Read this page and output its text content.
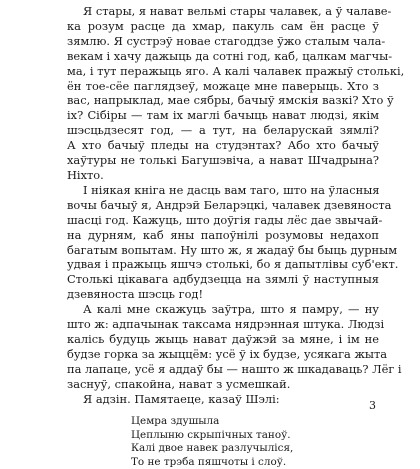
Я стары, я нават вельмі стары чалавек, а ў чалаве-
ка розум расце да хмар, пакуль сам ён расце ў
зямлю. Я сустрэў новае стагоддзе ўжо сталым чала-
векам і хачу дажыць да сотні год, каб, цалкам магчы-
ма, і тут перажыць яго. А калі чалавек пражыў столькі,
ён тое-сёе паглядзеў, можаце мне паверыць. Хто з
вас, напрыклад, мае сябры, бачыў ямскія вазкі? Хто ў
іх? Сібіры — там іх маглі бачыць нават людзі, якім
шэсцьдзесят год, — а тут, на беларускай зямлі?
А хто бачыў пледы на студэнтах? Або хто бачыў
хаўтуры не толькі Багушэвіча, а нават Шчадрына?
Ніхто.

І ніякая кніга не дасць вам таго, што на ўласныя
вочы бачыў я, Андрэй Беларэцкі, чалавек дзевяноста
шасці год. Кажуць, што доўгія гады лёс дае звычай-
на дурням, каб яны папоўнілі розумовы недахоп
багатым вопытам. Ну што ж, я жадаў бы быць дурным
удвая і пражыць яшчэ столькі, бо я дапытлівы суб'ект.
Столькі цікавага адбудзецца на зямлі ў наступныя
дзевяноста шэсць год!

А калі мне скажуць заўтра, што я памру, — ну
што ж: адпачынак таксама нядрэнная штука. Людзі
калісь будуць жыць нават даўжэй за мяне, і ім не
будзе горка за жыццём: усё ў іх будзе, усякага жыта
па лапаце, усё я аддаў бы — нашто ж шкадаваць? Лёг і
заснуў, спакойна, нават з усмешкай.

Я адзін. Памятаеце, казаў Шэлі:

Цемра здушыла
Цеплыню скрыпічных таноў.
Калі двое навек разлучыліся,
То не трэба пяшчоты і слоў.
3
